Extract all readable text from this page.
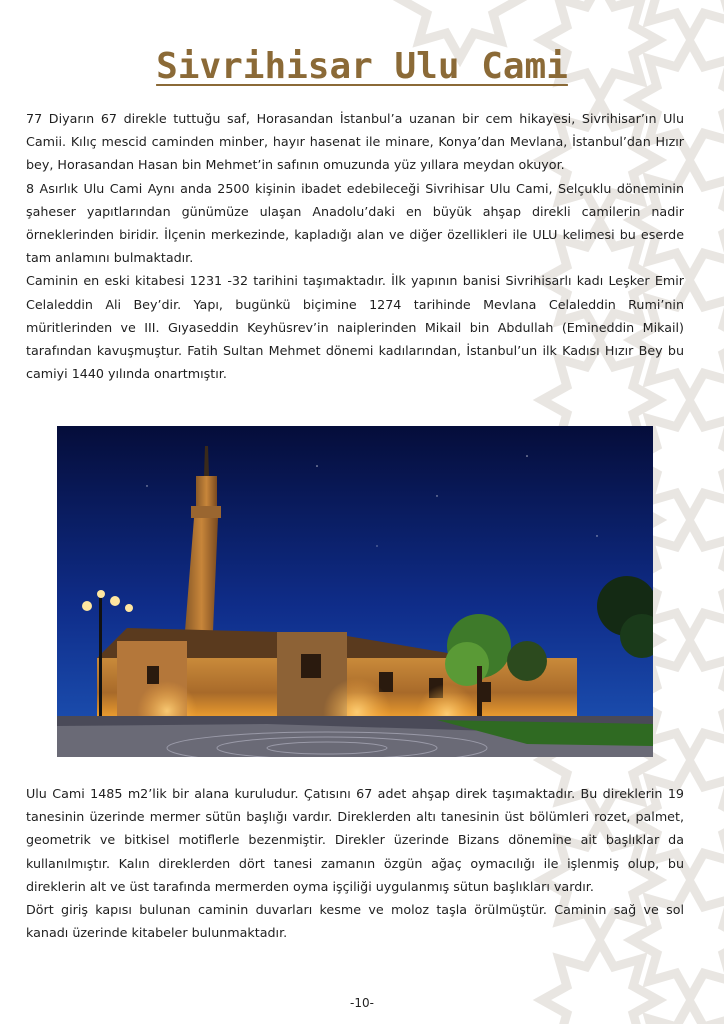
Sivrihisar Ulu Cami

77 Diyarın 67 direkle tuttuğu saf, Horasandan İstanbul’a uzanan bir cem hikayesi, Sivrihisar’ın Ulu Camii. Kılıç mescid caminden minber, hayır hasenat ile minare, Konya’dan Mevlana, İstanbul’dan Hızır bey, Horasandan Hasan bin Mehmet’in safının omuzunda yüz yıllara meydan okuyor.

8 Asırlık Ulu Cami Aynı anda 2500 kişinin ibadet edebileceği Sivrihisar Ulu Cami, Selçuklu döneminin şaheser yapıtlarından günümüze ulaşan Anadolu’daki en büyük ahşap direkli camilerin nadir örneklerinden biridir. İlçenin merkezinde, kapladığı alan ve diğer özellikleri ile ULU kelimesi bu eserde tam anlamını bulmaktadır.

Caminin en eski kitabesi 1231 -32 tarihini taşımaktadır. İlk yapının banisi Sivrihisarlı kadı Leşker Emir Celaleddin Ali Bey’dir. Yapı, bugünkü biçimine 1274 tarihinde Mevlana Celaleddin Rumi’nin müritlerinden ve III. Gıyaseddin Keyhüsrev’in naiplerinden Mikail bin Abdullah (Emineddin Mikail) tarafından kavuşmuştur. Fatih Sultan Mehmet dönemi kadılarından, İstanbul’un ilk Kadısı Hızır Bey bu camiyi 1440 yılında onartmıştır.

Ulu Cami 1485 m2’lik bir alana kuruludur. Çatısını 67 adet ahşap direk taşımaktadır. Bu direklerin 19 tanesinin üzerinde mermer sütün başlığı vardır. Direklerden altı tanesinin üst bölümleri rozet, palmet, geometrik ve bitkisel motiflerle bezenmiştir. Direkler üzerinde Bizans dönemine ait başlıklar da kullanılmıştır. Kalın direklerden dört tanesi zamanın özgün ağaç oymacılığı ile işlenmiş olup, bu direklerin alt ve üst tarafında mermerden oyma işçiliği uygulanmış sütun başlıkları vardır.

Dört giriş kapısı bulunan caminin duvarları kesme ve moloz taşla örülmüştür. Caminin sağ ve sol kanadı üzerinde kitabeler bulunmaktadır.

-10-
